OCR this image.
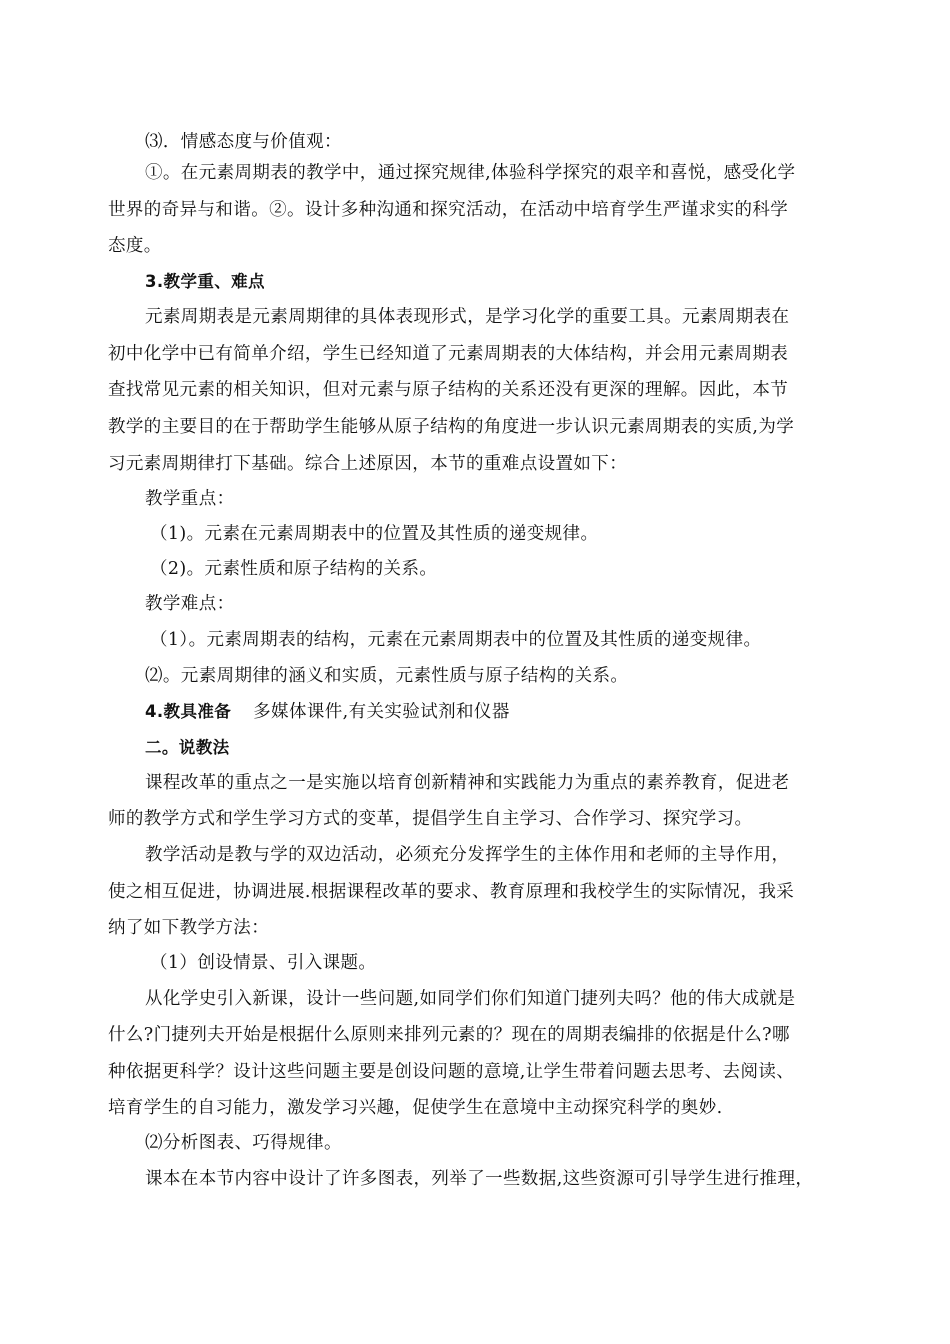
⑶．情感态度与价值观：
①。在元素周期表的教学中，通过探究规律,体验科学探究的艰辛和喜悦，感受化学
世界的奇异与和谐。②。设计多种沟通和探究活动，在活动中培育学生严谨求实的科学
态度。
3.教学重、难点
元素周期表是元素周期律的具体表现形式，是学习化学的重要工具。元素周期表在
初中化学中已有简单介绍，学生已经知道了元素周期表的大体结构，并会用元素周期表
查找常见元素的相关知识，但对元素与原子结构的关系还没有更深的理解。因此，本节
教学的主要目的在于帮助学生能够从原子结构的角度进一步认识元素周期表的实质,为学
习元素周期律打下基础。综合上述原因，本节的重难点设置如下：
教学重点：
（1)。元素在元素周期表中的位置及其性质的递变规律。
（2)。元素性质和原子结构的关系。
教学难点：
（1）。元素周期表的结构，元素在元素周期表中的位置及其性质的递变规律。
⑵。元素周期律的涵义和实质，元素性质与原子结构的关系。
4.教具准备 多媒体课件,有关实验试剂和仪器
二。说教法
课程改革的重点之一是实施以培育创新精神和实践能力为重点的素养教育，促进老
师的教学方式和学生学习方式的变革，提倡学生自主学习、合作学习、探究学习。
教学活动是教与学的双边活动，必须充分发挥学生的主体作用和老师的主导作用，
使之相互促进，协调进展.根据课程改革的要求、教育原理和我校学生的实际情况，我采
纳了如下教学方法：
（1）创设情景、引入课题。
从化学史引入新课，设计一些问题,如同学们你们知道门捷列夫吗？他的伟大成就是
什么?门捷列夫开始是根据什么原则来排列元素的？现在的周期表编排的依据是什么?哪
种依据更科学？设计这些问题主要是创设问题的意境,让学生带着问题去思考、去阅读、
培育学生的自习能力，激发学习兴趣，促使学生在意境中主动探究科学的奥妙.
⑵分析图表、巧得规律。
课本在本节内容中设计了许多图表，列举了一些数据,这些资源可引导学生进行推理，
